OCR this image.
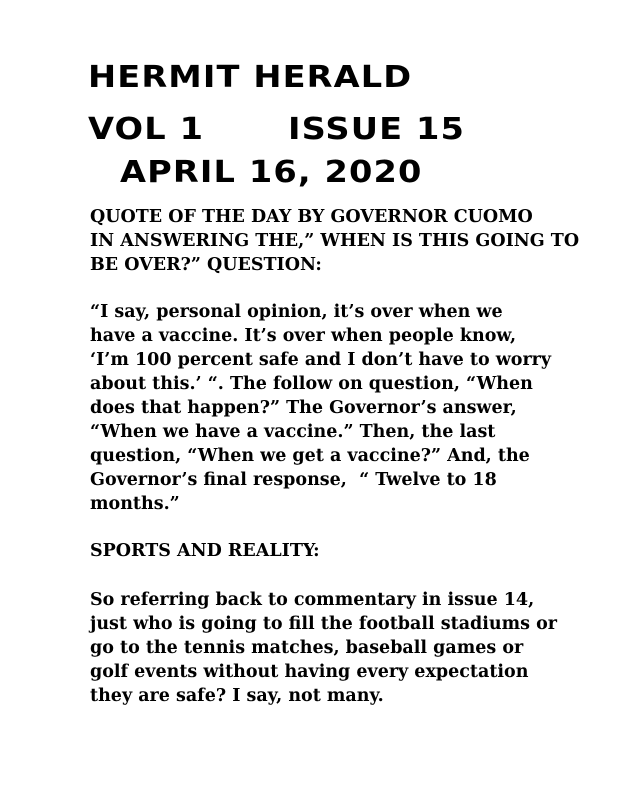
HERMIT HERALD
VOL 1	ISSUE 15
APRIL 16, 2020
QUOTE OF THE DAY BY GOVERNOR CUOMO
IN ANSWERING THE,” WHEN IS THIS GOING TO
BE OVER?” QUESTION:
“I say, personal opinion, it’s over when we
have a vaccine. It’s over when people know,
‘I’m 100 percent safe and I don’t have to worry
about this.’ “. The follow on question, “When
does that happen?” The Governor’s answer,
“When we have a vaccine.” Then, the last
question, “When we get a vaccine?” And, the
Governor’s final response,  “ Twelve to 18
months.”
SPORTS AND REALITY:
So referring back to commentary in issue 14,
just who is going to fill the football stadiums or
go to the tennis matches, baseball games or
golf events without having every expectation
they are safe? I say, not many.
